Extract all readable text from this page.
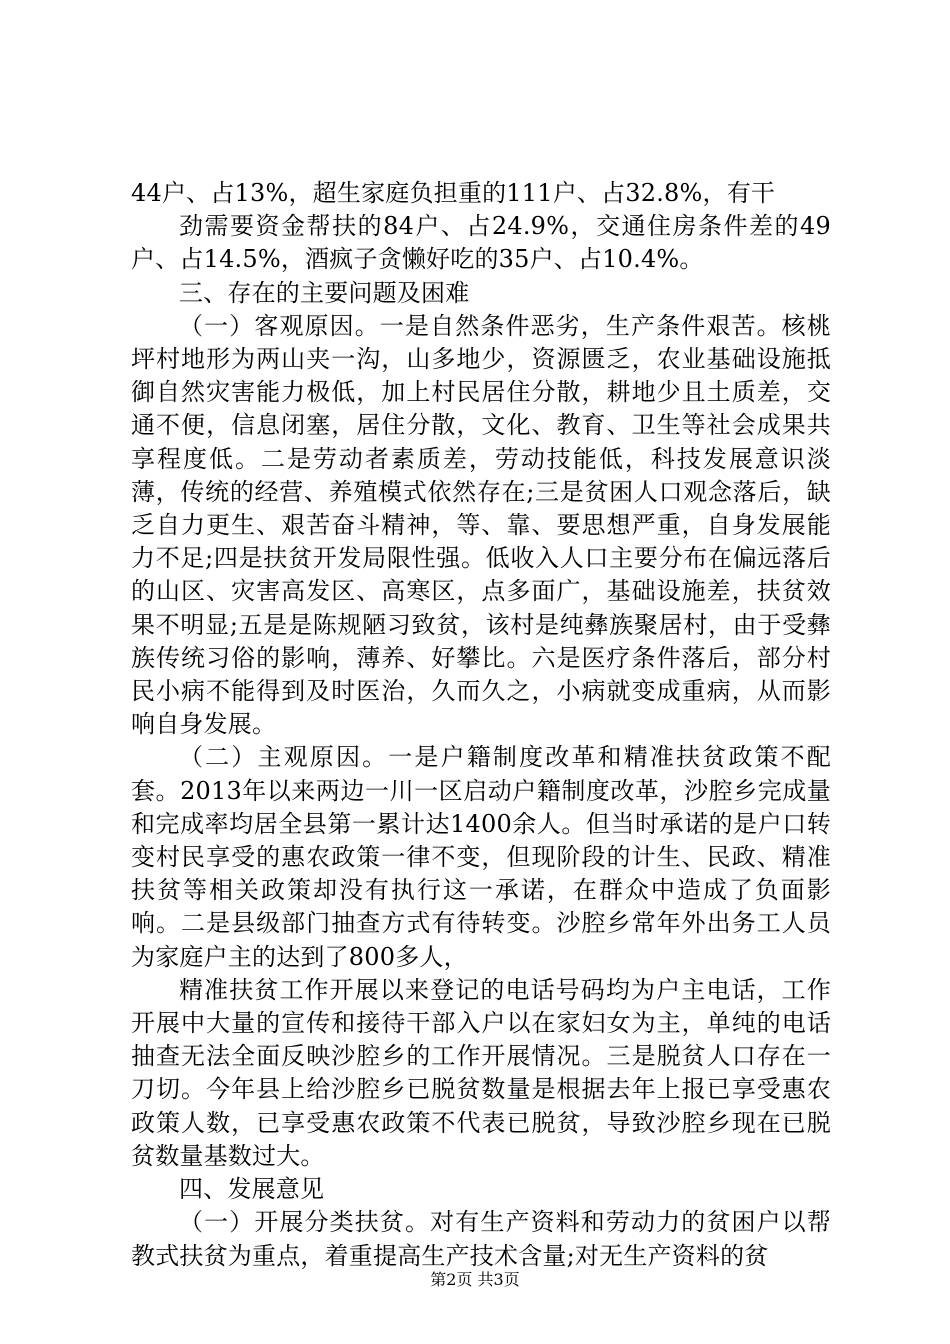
44户、占13%，超生家庭负担重的111户、占32.8%，有干

劲需要资金帮扶的84户、占24.9%，交通住房条件差的49户、占14.5%，酒疯子贪懒好吃的35户、占10.4%。

三、存在的主要问题及困难

（一）客观原因。一是自然条件恶劣，生产条件艰苦。核桃坪村地形为两山夹一沟，山多地少，资源匮乏，农业基础设施抵御自然灾害能力极低，加上村民居住分散，耕地少且土质差，交通不便，信息闭塞，居住分散，文化、教育、卫生等社会成果共享程度低。二是劳动者素质差，劳动技能低，科技发展意识淡薄，传统的经营、养殖模式依然存在;三是贫困人口观念落后，缺乏自力更生、艰苦奋斗精神，等、靠、要思想严重，自身发展能力不足;四是扶贫开发局限性强。低收入人口主要分布在偏远落后的山区、灾害高发区、高寒区，点多面广，基础设施差，扶贫效果不明显;五是是陈规陋习致贫，该村是纯彝族聚居村，由于受彝族传统习俗的影响，薄养、好攀比。六是医疗条件落后，部分村民小病不能得到及时医治，久而久之，小病就变成重病，从而影响自身发展。

（二）主观原因。一是户籍制度改革和精准扶贫政策不配套。2013年以来两边一川一区启动户籍制度改革，沙腔乡完成量和完成率均居全县第一累计达1400余人。但当时承诺的是户口转变村民享受的惠农政策一律不变，但现阶段的计生、民政、精准扶贫等相关政策却没有执行这一承诺，在群众中造成了负面影响。二是县级部门抽查方式有待转变。沙腔乡常年外出务工人员为家庭户主的达到了800多人，

精准扶贫工作开展以来登记的电话号码均为户主电话，工作开展中大量的宣传和接待干部入户以在家妇女为主，单纯的电话抽查无法全面反映沙腔乡的工作开展情况。三是脱贫人口存在一刀切。今年县上给沙腔乡已脱贫数量是根据去年上报已享受惠农政策人数，已享受惠农政策不代表已脱贫，导致沙腔乡现在已脱贫数量基数过大。

四、发展意见

（一）开展分类扶贫。对有生产资料和劳动力的贫困户以帮教式扶贫为重点，着重提高生产技术含量;对无生产资料的贫

第2页 共3页
